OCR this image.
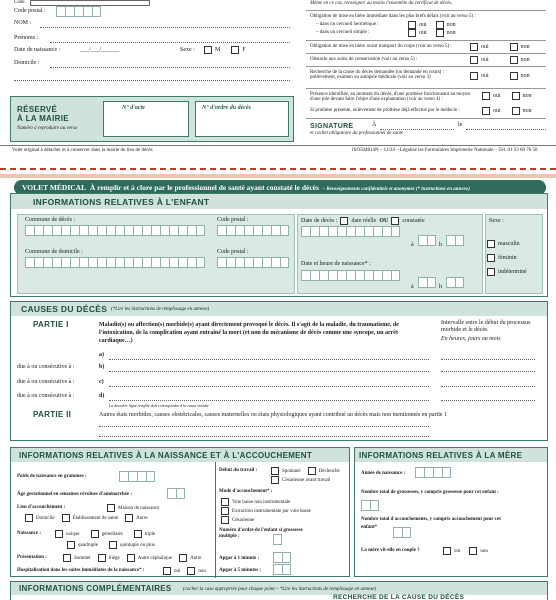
Code
Code postal :
NOM :
Prénoms :
Date de naissance :	___/___/______	Sexe :	M	F
Domicile :
RÉSERVÉ
À LA MAIRIE
Numéro à reproduire au verso
N° d'acte	N° d'ordre du décès
Même en ce cas, renseigner au moins l'ensemble du certificat de décès.
Obligation de mise en bière immédiate dans les plus brefs délais (voir au verso 5) :
– dans un cercueil hermétique :
– dans un cercueil simple :
oui	non
oui	non
Obligation de mise en bière avant transport du corps (voir au verso 5) :	oui	non
Obstacle aux soins de conservation (voir au verso 5) :	oui	non
Recherche de la cause du décès demandée (ou demande en cours) : prélèvement, examen ou autopsie médicale (voir au verso 3)	oui	non
Présence identifiée, au moment du décès, d'une prothèse fonctionnant au moyen d'une pile devant faire l'objet d'une explantation (voir au verso 4) :
oui	non
Si prothèse présente, enlèvement de prothèse déjà effectué par le médecin :	oui	non
SIGNATURE	À	le
et cachet obligatoire du professionnel de santé
Volet original à détacher et à conserver dans la mairie du lieu de décès	ISO504814N – 11/24 – Légalisé les Formulaires Imprimerie Nationale – Tél. 01 33 60 76 50
VOLET MÉDICAL À remplir et à clore par le professionnel de santé ayant constaté le décès – Renseignements confidentiels et anonymes (* instructions en annexe)
INFORMATIONS RELATIVES À L'ENFANT
Commune de décès :	Code postal :
Commune de domicile :	Code postal :
Date de décès : date réelle OU constatée
à	h
Date et heure de naissance* :
à	h
Sexe :
masculin
féminin
indéterminé
CAUSES DU DÉCÈS (*Lire les instructions de remplissage en annexe)
PARTIE I	Maladie(s) ou affection(s) morbide(s) ayant directement provoqué le décès. Il s'agit de la maladie, du traumatisme, de l'intoxication, de la complication ayant entraîné la mort (et non du mécanisme de décès comme une syncope, un arrêt cardiaque…)
Intervalle entre le début du processus morbide et le décès
En heures, jours ou mois
a)
due à ou consécutive à :	b)
due à ou consécutive à :	c)
due à ou consécutive à :	d)
La dernière ligne remplie doit correspondre à la cause initiale
PARTIE II	Autres états morbides, causes obstétricales, causes maternelles ou états physiologiques ayant contribué au décès mais non mentionnés en partie 1
INFORMATIONS RELATIVES À LA NAISSANCE ET À L'ACCOUCHEMENT
Poids de naissance en grammes :
Âge gestationnel en semaines révolues d'aménorrhée :
Lieu d'accouchement :	Maison de naissance
Domicile	Établissement de santé	Autre
Naissance :	unique	gémellaire	triple
quadruple	quintuple ou plus
Présentation :	Sommet	Siège	Autre céphalique	Autre
Hospitalisation dans les suites immédiates de la naissance* :	oui	non
Début du travail :	Spontané	Déclenché
Césarienne avant travail
Mode d'accouchement* :
Voie basse non instrumentale
Extraction instrumentale par voie basse
Césarienne
Numéro d'ordre de l'enfant si grossesse multiple :
Apgar à 1 minute :
Apgar à 5 minutes :
INFORMATIONS RELATIVES À LA MÈRE
Année de naissance :
Nombre total de grossesses, y compris grossesse pour cet enfant :
Nombre total d'accouchements, y compris accouchement pour cet enfant*
La mère vit-elle en couple ?	oui	non
INFORMATIONS COMPLÉMENTAIRES (cocher la case appropriée pour chaque point – *Lire les instructions de remplissage en annexe)
RECHERCHE DE LA CAUSE DU DÉCÈS
